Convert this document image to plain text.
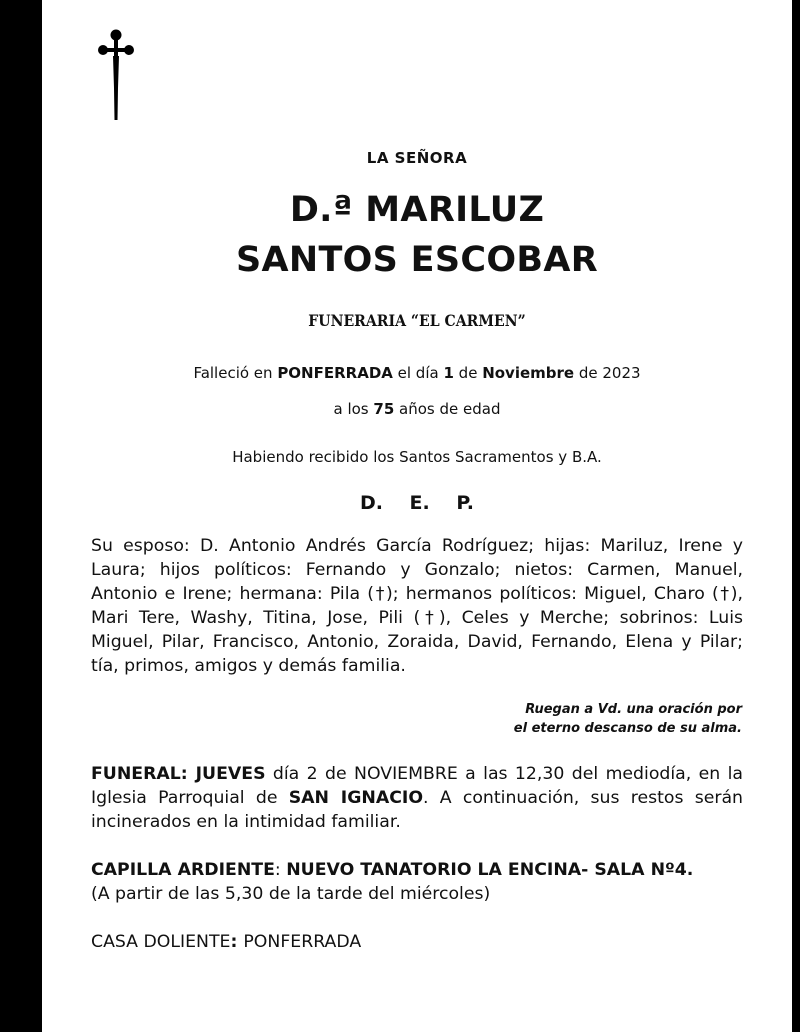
LA SEÑORA
D.ª MARILUZ
SANTOS ESCOBAR
FUNERARIA “EL CARMEN”
Falleció en PONFERRADA el día 1 de Noviembre de 2023
a los 75 años de edad
Habiendo recibido los Santos Sacramentos y B.A.
D. E. P.
Su esposo: D. Antonio Andrés García Rodríguez; hijas: Mariluz, Irene y Laura; hijos políticos: Fernando y Gonzalo; nietos: Carmen, Manuel, Antonio e Irene; hermana: Pila (†); hermanos políticos: Miguel, Charo (†), Mari Tere, Washy, Titina, Jose, Pili (†), Celes y Merche; sobrinos: Luis Miguel, Pilar, Francisco, Antonio, Zoraida, David, Fernando, Elena y Pilar; tía, primos, amigos y demás familia.
Ruegan a Vd. una oración por
el eterno descanso de su alma.
FUNERAL: JUEVES día 2 de NOVIEMBRE a las 12,30 del mediodía, en la Iglesia Parroquial de SAN IGNACIO. A continuación, sus restos serán incinerados en la intimidad familiar.
CAPILLA ARDIENTE: NUEVO TANATORIO LA ENCINA- SALA Nº4.
(A partir de las 5,30 de la tarde del miércoles)
CASA DOLIENTE: PONFERRADA
